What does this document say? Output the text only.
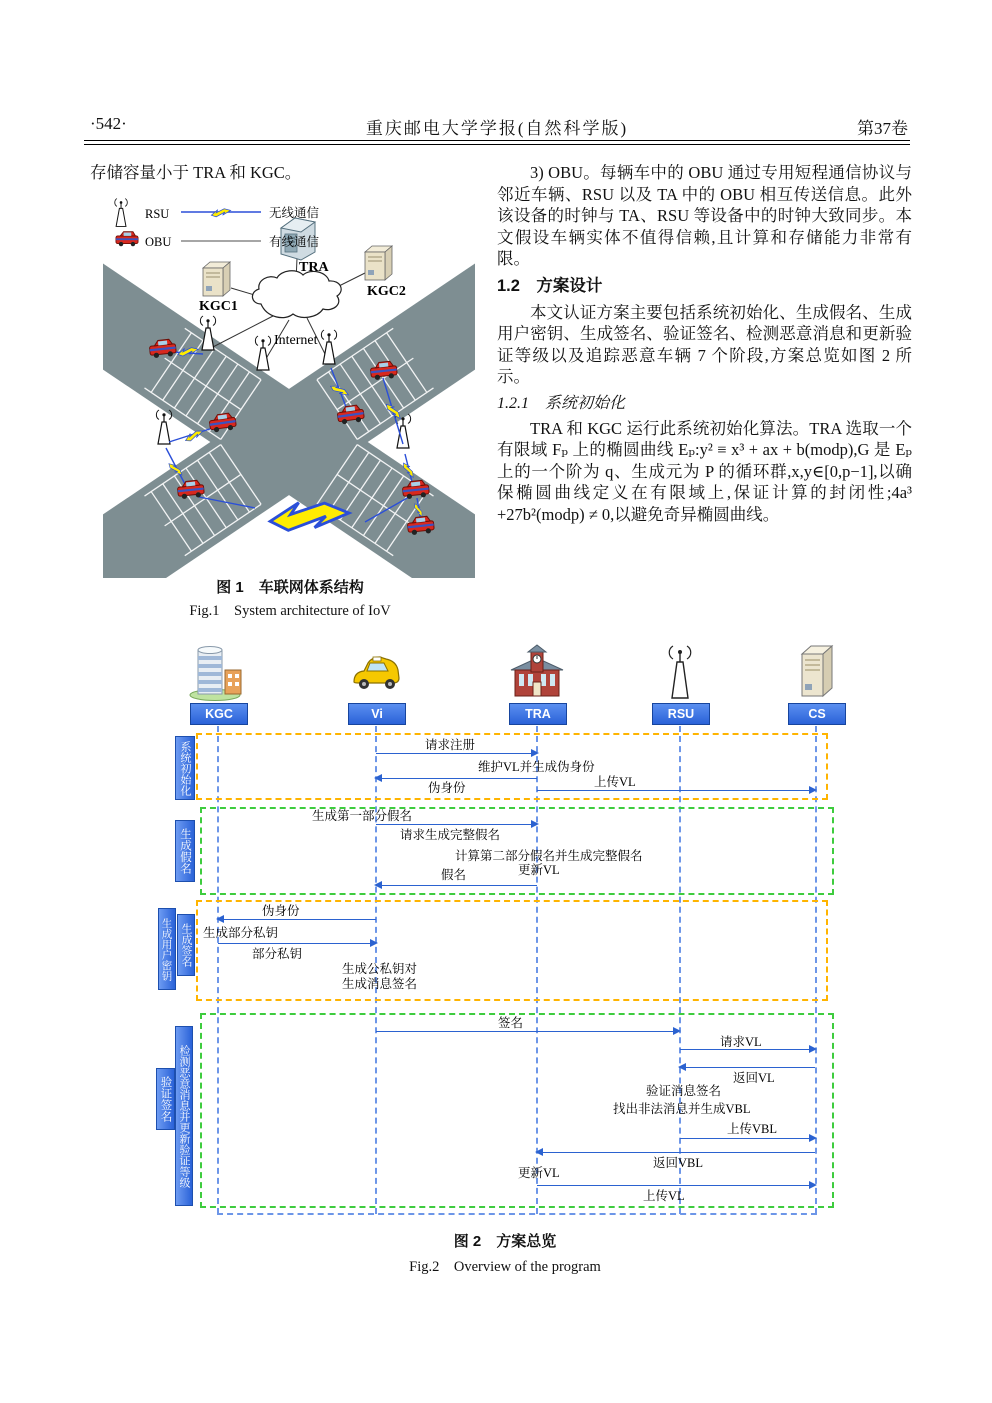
·542·	重庆邮电大学学报(自然科学版)	第37卷
存储容量小于 TRA 和 KGC。
Internet
TRA
KGC1
KGC2
RSU	无线通信
OBU	有线通信
图 1　车联网体系结构
Fig.1　System architecture of IoV

3) OBU。每辆车中的 OBU 通过专用短程通信协议与邻近车辆、RSU 以及 TA 中的 OBU 相互传送信息。此外该设备的时钟与 TA、RSU 等设备中的时钟大致同步。本文假设车辆实体不值得信赖,且计算和存储能力非常有限。

1.2　方案设计

本文认证方案主要包括系统初始化、生成假名、生成用户密钥、生成签名、验证签名、检测恶意消息和更新验证等级以及追踪恶意车辆 7 个阶段,方案总览如图 2 所示。

1.2.1　系统初始化

TRA 和 KGC 运行此系统初始化算法。TRA 选取一个有限域 Fₚ 上的椭圆曲线 Eₚ:y² ≡ x³ + ax + b(modp),G 是 Eₚ 上的一个阶为 q、生成元为 P 的循环群,x,y∈[0,p−1],以确保椭圆曲线定义在有限域上,保证计算的封闭性;4a³ +27b²(modp) ≠ 0,以避免奇异椭圆曲线。

KGC	Vi	TRA	RSU	CS
系统初始化
生成假名
生成用户密钥 生成签名
验证签名 检测恶意消息并更新验证等级
请求注册
维护VL并生成伪身份
伪身份	上传VL
生成第一部分假名
请求生成完整假名
计算第二部分假名并生成完整假名
更新VL
假名
伪身份
生成部分私钥
部分私钥
生成公私钥对
生成消息签名
签名
请求VL
返回VL
验证消息签名
找出非法消息并生成VBL
上传VBL
返回VBL
更新VL
上传VL
图 2　方案总览
Fig.2　Overview of the program
